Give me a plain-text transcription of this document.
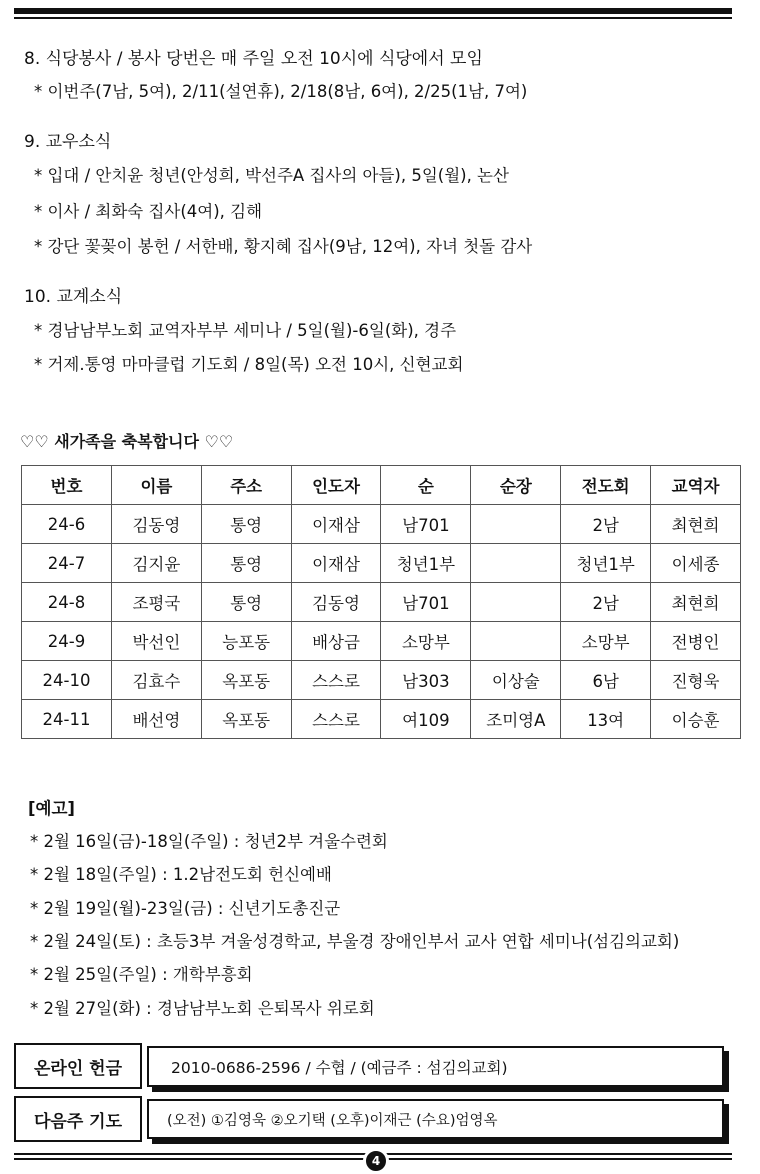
8. 식당봉사 / 봉사 당번은 매 주일 오전 10시에 식당에서 모임
* 이번주(7남, 5여), 2/11(설연휴), 2/18(8남, 6여), 2/25(1남, 7여)
9. 교우소식
* 입대 / 안치윤 청년(안성희, 박선주A 집사의 아들), 5일(월), 논산
* 이사 / 최화숙 집사(4여), 김해
* 강단 꽃꽂이 봉헌 / 서한배, 황지혜 집사(9남, 12여), 자녀 첫돌 감사
10. 교계소식
* 경남남부노회 교역자부부 세미나 / 5일(월)-6일(화), 경주
* 거제.통영 마마클럽 기도회 / 8일(목) 오전 10시, 신현교회
♡♡ 새가족을 축복합니다 ♡♡
번호	이름	주소	인도자	순	순장	전도회	교역자
24-6	김동영	통영	이재삼	남701		2남	최현희
24-7	김지윤	통영	이재삼	청년1부		청년1부	이세종
24-8	조평국	통영	김동영	남701		2남	최현희
24-9	박선인	능포동	배상금	소망부		소망부	전병인
24-10	김효수	옥포동	스스로	남303	이상술	6남	진형욱
24-11	배선영	옥포동	스스로	여109	조미영A	13여	이승훈
[예고]
* 2월 16일(금)-18일(주일) : 청년2부 겨울수련회
* 2월 18일(주일) : 1.2남전도회 헌신예배
* 2월 19일(월)-23일(금) : 신년기도총진군
* 2월 24일(토) : 초등3부 겨울성경학교, 부울경 장애인부서 교사 연합 세미나(섬김의교회)
* 2월 25일(주일) : 개학부흥회
* 2월 27일(화) : 경남남부노회 은퇴목사 위로회
온라인 헌금	2010-0686-2596 / 수협 / (예금주 : 섬김의교회)
다음주 기도	(오전) ①김영욱 ②오기택 (오후)이재근 (수요)엄영옥
4
